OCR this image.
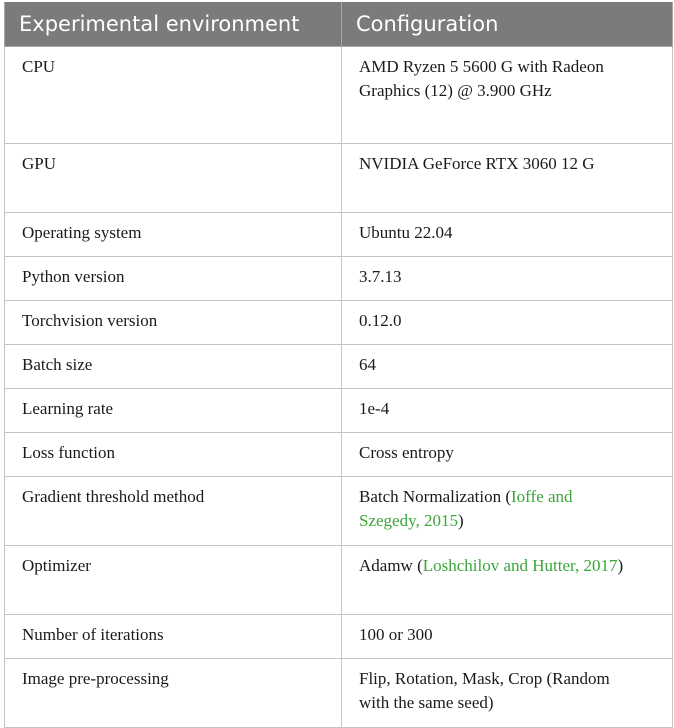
Experimental environment	Configuration
CPU	AMD Ryzen 5 5600 G with Radeon Graphics (12) @ 3.900 GHz
GPU	NVIDIA GeForce RTX 3060 12 G
Operating system	Ubuntu 22.04
Python version	3.7.13
Torchvision version	0.12.0
Batch size	64
Learning rate	1e-4
Loss function	Cross entropy
Gradient threshold method	Batch Normalization (Ioffe and Szegedy, 2015)
Optimizer	Adamw (Loshchilov and Hutter, 2017)
Number of iterations	100 or 300
Image pre-processing	Flip, Rotation, Mask, Crop (Random with the same seed)
